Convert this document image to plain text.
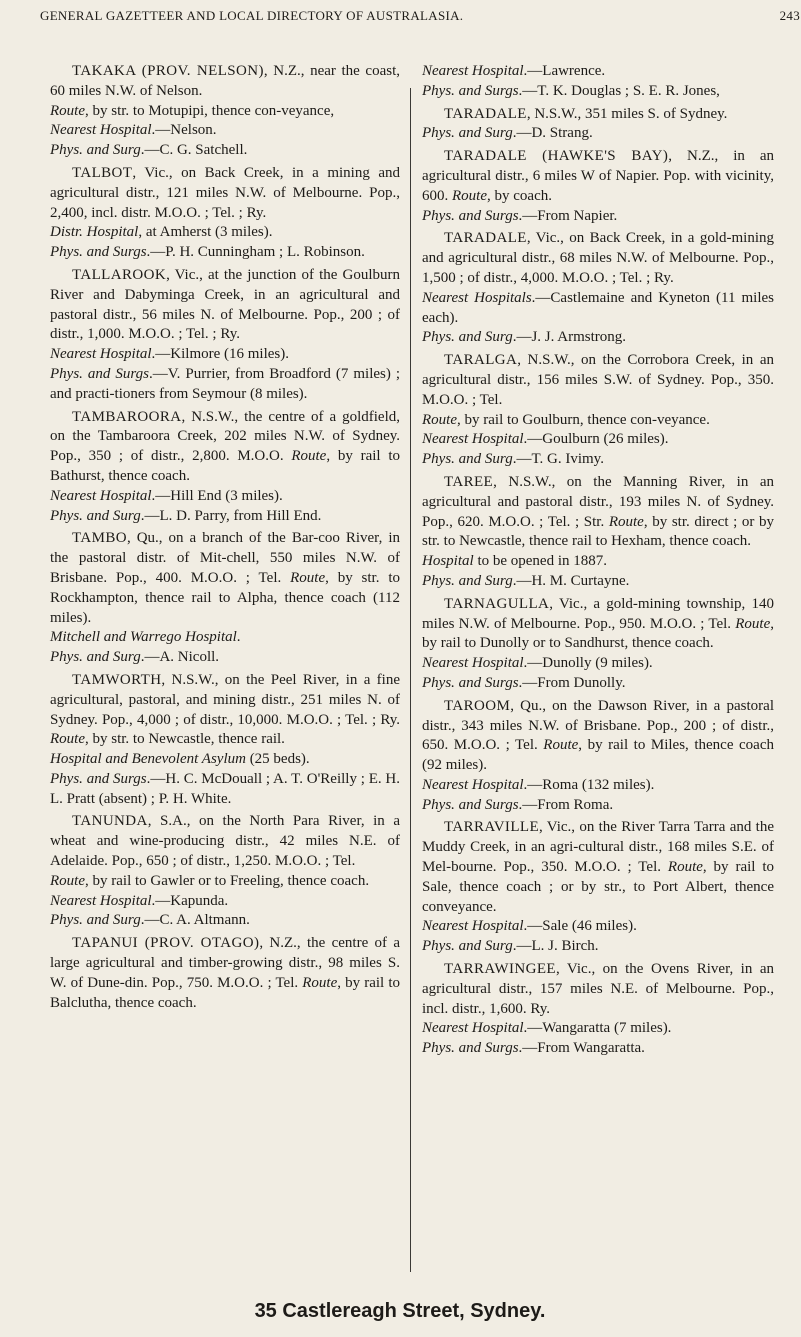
GENERAL GAZETTEER AND LOCAL DIRECTORY OF AUSTRALASIA.	243
TAKAKA (PROV. NELSON), N.Z., near the coast, 60 miles N.W. of Nelson.
Route, by str. to Motupipi, thence con-veyance,
Nearest Hospital.—Nelson.
Phys. and Surg.—C. G. Satchell.
TALBOT, Vic., on Back Creek, in a mining and agricultural distr., 121 miles N.W. of Melbourne. Pop., 2,400, incl. distr. M.O.O. ; Tel. ; Ry.
Distr. Hospital, at Amherst (3 miles).
Phys. and Surgs.—P. H. Cunningham ; L. Robinson.
TALLAROOK, Vic., at the junction of the Goulburn River and Dabyminga Creek, in an agricultural and pastoral distr., 56 miles N. of Melbourne. Pop., 200 ; of distr., 1,000. M.O.O. ; Tel. ; Ry.
Nearest Hospital.—Kilmore (16 miles).
Phys. and Surgs.—V. Purrier, from Broadford (7 miles) ; and practi-tioners from Seymour (8 miles).
TAMBAROORA, N.S.W., the centre of a goldfield, on the Tambaroora Creek, 202 miles N.W. of Sydney. Pop., 350 ; of distr., 2,800. M.O.O. Route, by rail to Bathurst, thence coach.
Nearest Hospital.—Hill End (3 miles).
Phys. and Surg.—L. D. Parry, from Hill End.
TAMBO, Qu., on a branch of the Bar-coo River, in the pastoral distr. of Mit-chell, 550 miles N.W. of Brisbane. Pop., 400. M.O.O. ; Tel. Route, by str. to Rockhampton, thence rail to Alpha, thence coach (112 miles).
Mitchell and Warrego Hospital.
Phys. and Surg.—A. Nicoll.
TAMWORTH, N.S.W., on the Peel River, in a fine agricultural, pastoral, and mining distr., 251 miles N. of Sydney. Pop., 4,000 ; of distr., 10,000. M.O.O. ; Tel. ; Ry. Route, by str. to Newcastle, thence rail.
Hospital and Benevolent Asylum (25 beds).
Phys. and Surgs.—H. C. McDouall ; A. T. O'Reilly ; E. H. L. Pratt (absent) ; P. H. White.
TANUNDA, S.A., on the North Para River, in a wheat and wine-producing distr., 42 miles N.E. of Adelaide. Pop., 650 ; of distr., 1,250. M.O.O. ; Tel.
Route, by rail to Gawler or to Freeling, thence coach.
Nearest Hospital.—Kapunda.
Phys. and Surg.—C. A. Altmann.
TAPANUI (PROV. OTAGO), N.Z., the centre of a large agricultural and timber-growing distr., 98 miles S. W. of Dune-din. Pop., 750. M.O.O. ; Tel. Route, by rail to Balclutha, thence coach.
Nearest Hospital.—Lawrence.
Phys. and Surgs.—T. K. Douglas ; S. E. R. Jones,
TARADALE, N.S.W., 351 miles S. of Sydney.
Phys. and Surg.—D. Strang.
TARADALE (HAWKE'S BAY), N.Z., in an agricultural distr., 6 miles W of Napier. Pop. with vicinity, 600. Route, by coach.
Phys. and Surgs.—From Napier.
TARADALE, Vic., on Back Creek, in a gold-mining and agricultural distr., 68 miles N.W. of Melbourne. Pop., 1,500 ; of distr., 4,000. M.O.O. ; Tel. ; Ry.
Nearest Hospitals.—Castlemaine and Kyneton (11 miles each).
Phys. and Surg.—J. J. Armstrong.
TARALGA, N.S.W., on the Corrobora Creek, in an agricultural distr., 156 miles S.W. of Sydney. Pop., 350. M.O.O. ; Tel.
Route, by rail to Goulburn, thence con-veyance.
Nearest Hospital.—Goulburn (26 miles).
Phys. and Surg.—T. G. Ivimy.
TAREE, N.S.W., on the Manning River, in an agricultural and pastoral distr., 193 miles N. of Sydney. Pop., 620. M.O.O. ; Tel. ; Str. Route, by str. direct ; or by str. to Newcastle, thence rail to Hexham, thence coach.
Hospital to be opened in 1887.
Phys. and Surg.—H. M. Curtayne.
TARNAGULLA, Vic., a gold-mining township, 140 miles N.W. of Melbourne. Pop., 950. M.O.O. ; Tel. Route, by rail to Dunolly or to Sandhurst, thence coach.
Nearest Hospital.—Dunolly (9 miles).
Phys. and Surgs.—From Dunolly.
TAROOM, Qu., on the Dawson River, in a pastoral distr., 343 miles N.W. of Brisbane. Pop., 200 ; of distr., 650. M.O.O. ; Tel. Route, by rail to Miles, thence coach (92 miles).
Nearest Hospital.—Roma (132 miles).
Phys. and Surgs.—From Roma.
TARRAVILLE, Vic., on the River Tarra Tarra and the Muddy Creek, in an agri-cultural distr., 168 miles S.E. of Mel-bourne. Pop., 350. M.O.O. ; Tel. Route, by rail to Sale, thence coach ; or by str., to Port Albert, thence conveyance.
Nearest Hospital.—Sale (46 miles).
Phys. and Surg.—L. J. Birch.
TARRAWINGEE, Vic., on the Ovens River, in an agricultural distr., 157 miles N.E. of Melbourne. Pop., incl. distr., 1,600. Ry.
Nearest Hospital.—Wangaratta (7 miles).
Phys. and Surgs.—From Wangaratta.
35 Castlereagh Street, Sydney.
